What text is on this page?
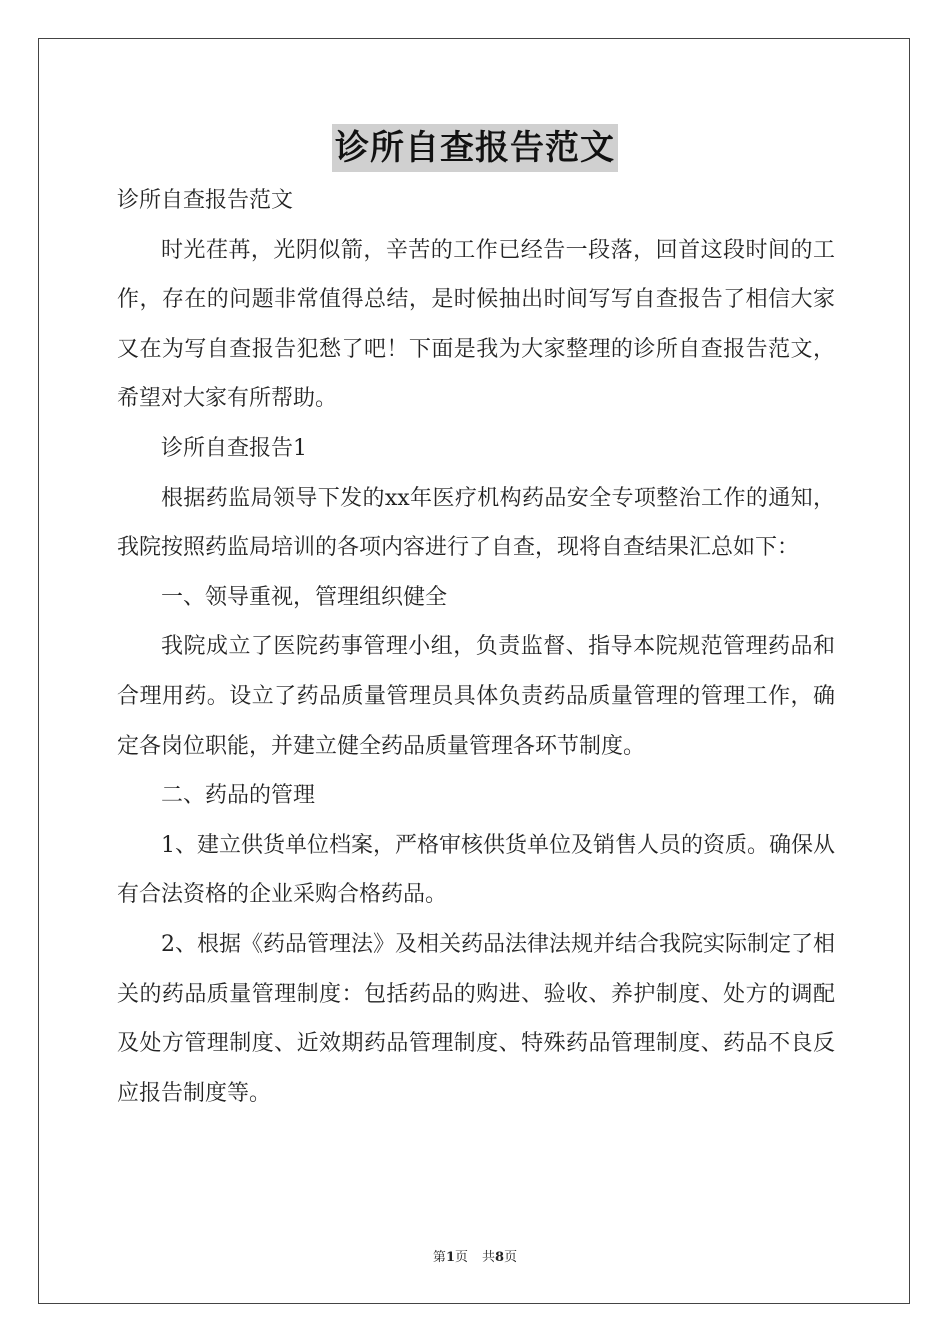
诊所自查报告范文

诊所自查报告范文

时光荏苒，光阴似箭，辛苦的工作已经告一段落，回首这段时间的工作，存在的问题非常值得总结，是时候抽出时间写写自查报告了相信大家又在为写自查报告犯愁了吧！下面是我为大家整理的诊所自查报告范文，希望对大家有所帮助。

诊所自查报告1

根据药监局领导下发的xx年医疗机构药品安全专项整治工作的通知，我院按照药监局培训的各项内容进行了自查，现将自查结果汇总如下：

一、领导重视，管理组织健全

我院成立了医院药事管理小组，负责监督、指导本院规范管理药品和合理用药。设立了药品质量管理员具体负责药品质量管理的管理工作，确定各岗位职能，并建立健全药品质量管理各环节制度。

二、药品的管理

1、建立供货单位档案，严格审核供货单位及销售人员的资质。确保从有合法资格的企业采购合格药品。

2、根据《药品管理法》及相关药品法律法规并结合我院实际制定了相关的药品质量管理制度：包括药品的购进、验收、养护制度、处方的调配及处方管理制度、近效期药品管理制度、特殊药品管理制度、药品不良反应报告制度等。

第1页 共8页
